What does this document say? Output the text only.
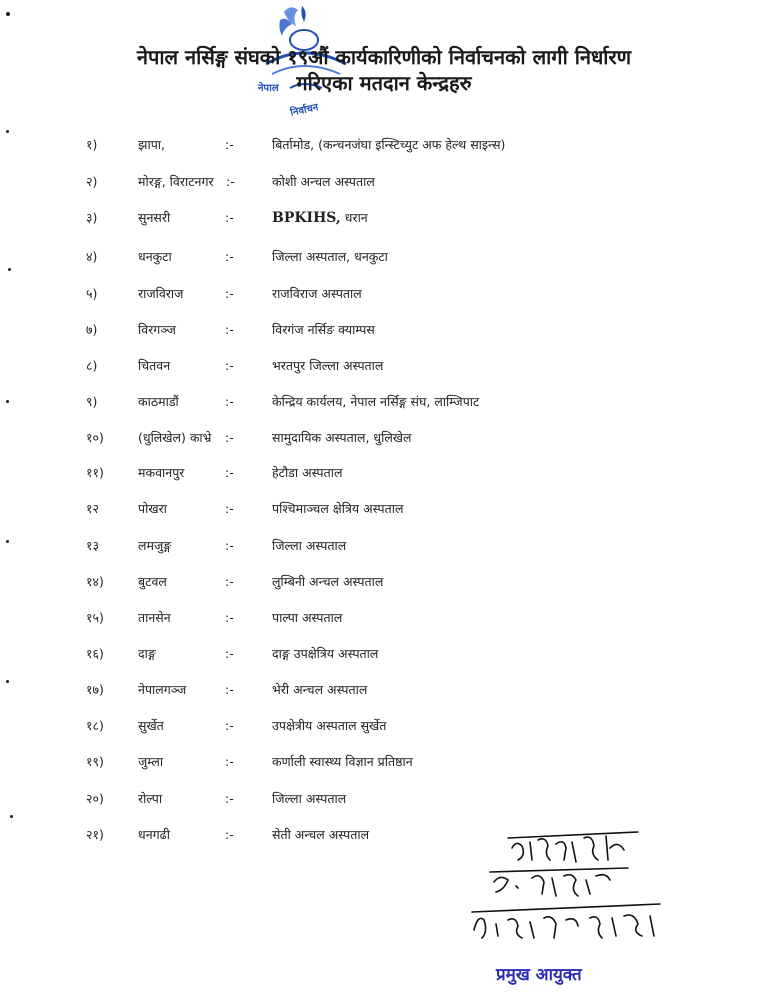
नेपाल
निर्वाचन
नेपाल नर्सिङ्ग संघको १९औं कार्यकारिणीको निर्वाचनको लागी निर्धारण
गरिएका मतदान केन्द्रहरु
१)	झापा,	:-	बिर्तामोड, (कन्चनजंघा इन्स्टिच्युट अफ हेल्थ साइन्स)
२)	मोरङ्ग, विराटनगर :-	कोशी अन्चल अस्पताल
३)	सुनसरी	:-	BPKIHS, धरान
४)	धनकुटा	:-	जिल्ला अस्पताल, धनकुटा
५)	राजविराज	:-	राजविराज अस्पताल
७)	विरगञ्ज	:-	विरगंज नर्सिङ क्याम्पस
८)	चितवन	:-	भरतपुर जिल्ला अस्पताल
९)	काठमाडौं	:-	केन्द्रिय कार्यलय, नेपाल नर्सिङ्ग संघ, लाम्जिपाट
१०)	(धुलिखेल) काभ्रे :-	सामुदायिक अस्पताल, धुलिखेल
११)	मकवानपुर	:-	हेटौडा अस्पताल
१२	पोखरा	:-	पश्चिमाञ्चल क्षेत्रिय अस्पताल
१३	लमजुङ्ग	:-	जिल्ला अस्पताल
१४)	बुटवल	:-	लुम्बिनी अन्चल अस्पताल
१५)	तानसेन	:-	पाल्पा अस्पताल
१६)	दाङ्ग	:-	दाङ्ग उपक्षेत्रिय अस्पताल
१७)	नेपालगञ्ज	:-	भेरी अन्चल अस्पताल
१८)	सुर्खेत	:-	उपक्षेत्रीय अस्पताल सुर्खेत
१९)	जुम्ला	:-	कर्णाली स्वास्थ्य विज्ञान प्रतिष्ठान
२०)	रोल्पा	:-	जिल्ला अस्पताल
२१)	धनगढी	:-	सेती अन्चल अस्पताल
प्रमुख आयुक्त
